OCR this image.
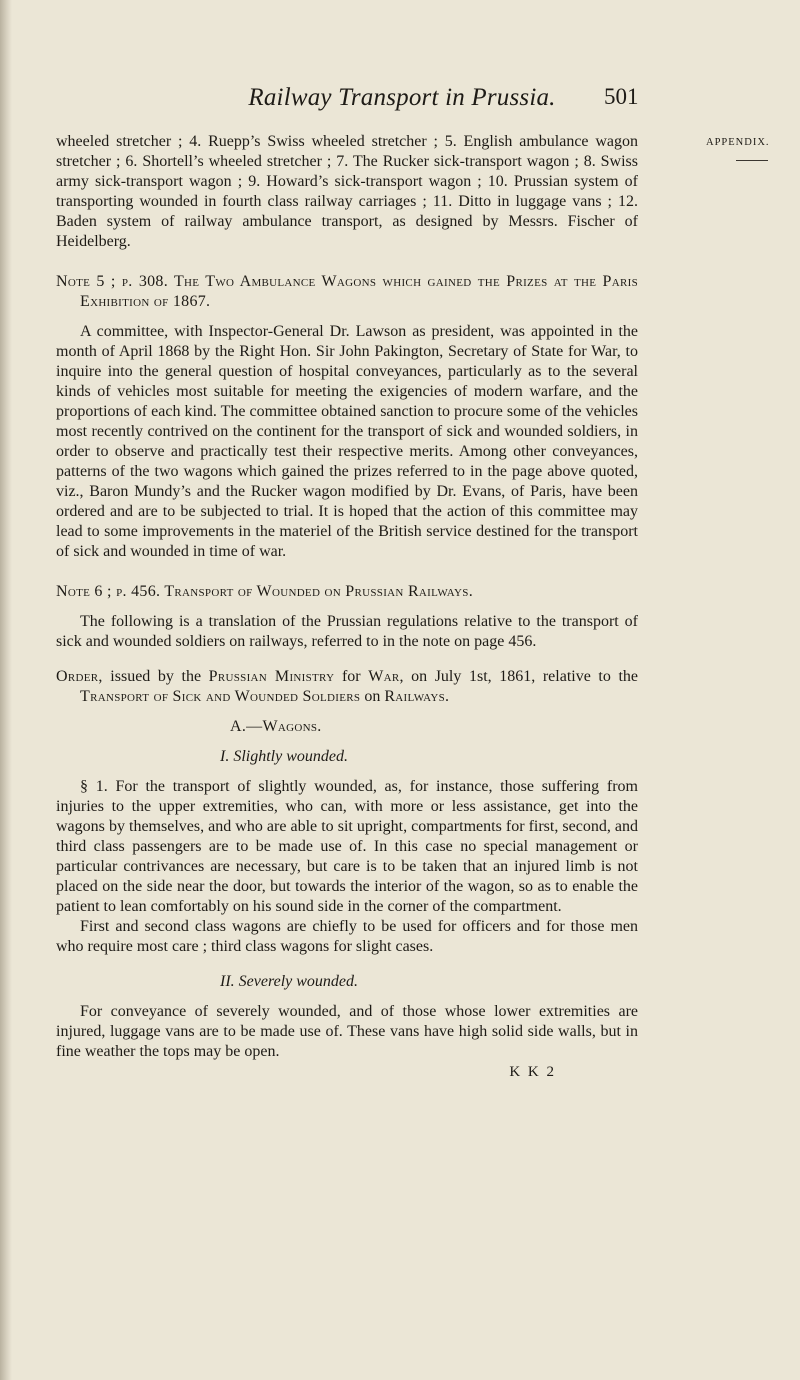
Railway Transport in Prussia.	501
APPENDIX.

wheeled stretcher ; 4. Ruepp’s Swiss wheeled stretcher ; 5. English ambulance wagon stretcher ; 6. Shortell’s wheeled stretcher ; 7. The Rucker sick-transport wagon ; 8. Swiss army sick-transport wagon ; 9. Howard’s sick-transport wagon ; 10. Prussian system of transporting wounded in fourth class railway carriages ; 11. Ditto in luggage vans ; 12. Baden system of railway ambulance transport, as designed by Messrs. Fischer of Heidelberg.

Note 5 ; p. 308. The Two Ambulance Wagons which gained the Prizes at the Paris Exhibition of 1867.

A committee, with Inspector-General Dr. Lawson as president, was appointed in the month of April 1868 by the Right Hon. Sir John Pakington, Secretary of State for War, to inquire into the general question of hospital conveyances, particularly as to the several kinds of vehicles most suitable for meeting the exigencies of modern warfare, and the proportions of each kind. The committee obtained sanction to procure some of the vehicles most recently contrived on the continent for the transport of sick and wounded soldiers, in order to observe and practically test their respective merits. Among other conveyances, patterns of the two wagons which gained the prizes referred to in the page above quoted, viz., Baron Mundy’s and the Rucker wagon modified by Dr. Evans, of Paris, have been ordered and are to be subjected to trial. It is hoped that the action of this committee may lead to some improvements in the materiel of the British service destined for the transport of sick and wounded in time of war.

Note 6 ; p. 456. Transport of Wounded on Prussian Railways.

The following is a translation of the Prussian regulations relative to the transport of sick and wounded soldiers on railways, referred to in the note on page 456.

Order, issued by the Prussian Ministry for War, on July 1st, 1861, relative to the Transport of Sick and Wounded Soldiers on Railways.

A.—Wagons.

I. Slightly wounded.

§ 1. For the transport of slightly wounded, as, for instance, those suffering from injuries to the upper extremities, who can, with more or less assistance, get into the wagons by themselves, and who are able to sit upright, compartments for first, second, and third class passengers are to be made use of. In this case no special management or particular contrivances are necessary, but care is to be taken that an injured limb is not placed on the side near the door, but towards the interior of the wagon, so as to enable the patient to lean comfortably on his sound side in the corner of the compartment.

First and second class wagons are chiefly to be used for officers and for those men who require most care ; third class wagons for slight cases.

II. Severely wounded.

For conveyance of severely wounded, and of those whose lower extremities are injured, luggage vans are to be made use of. These vans have high solid side walls, but in fine weather the tops may be open.

K K 2
